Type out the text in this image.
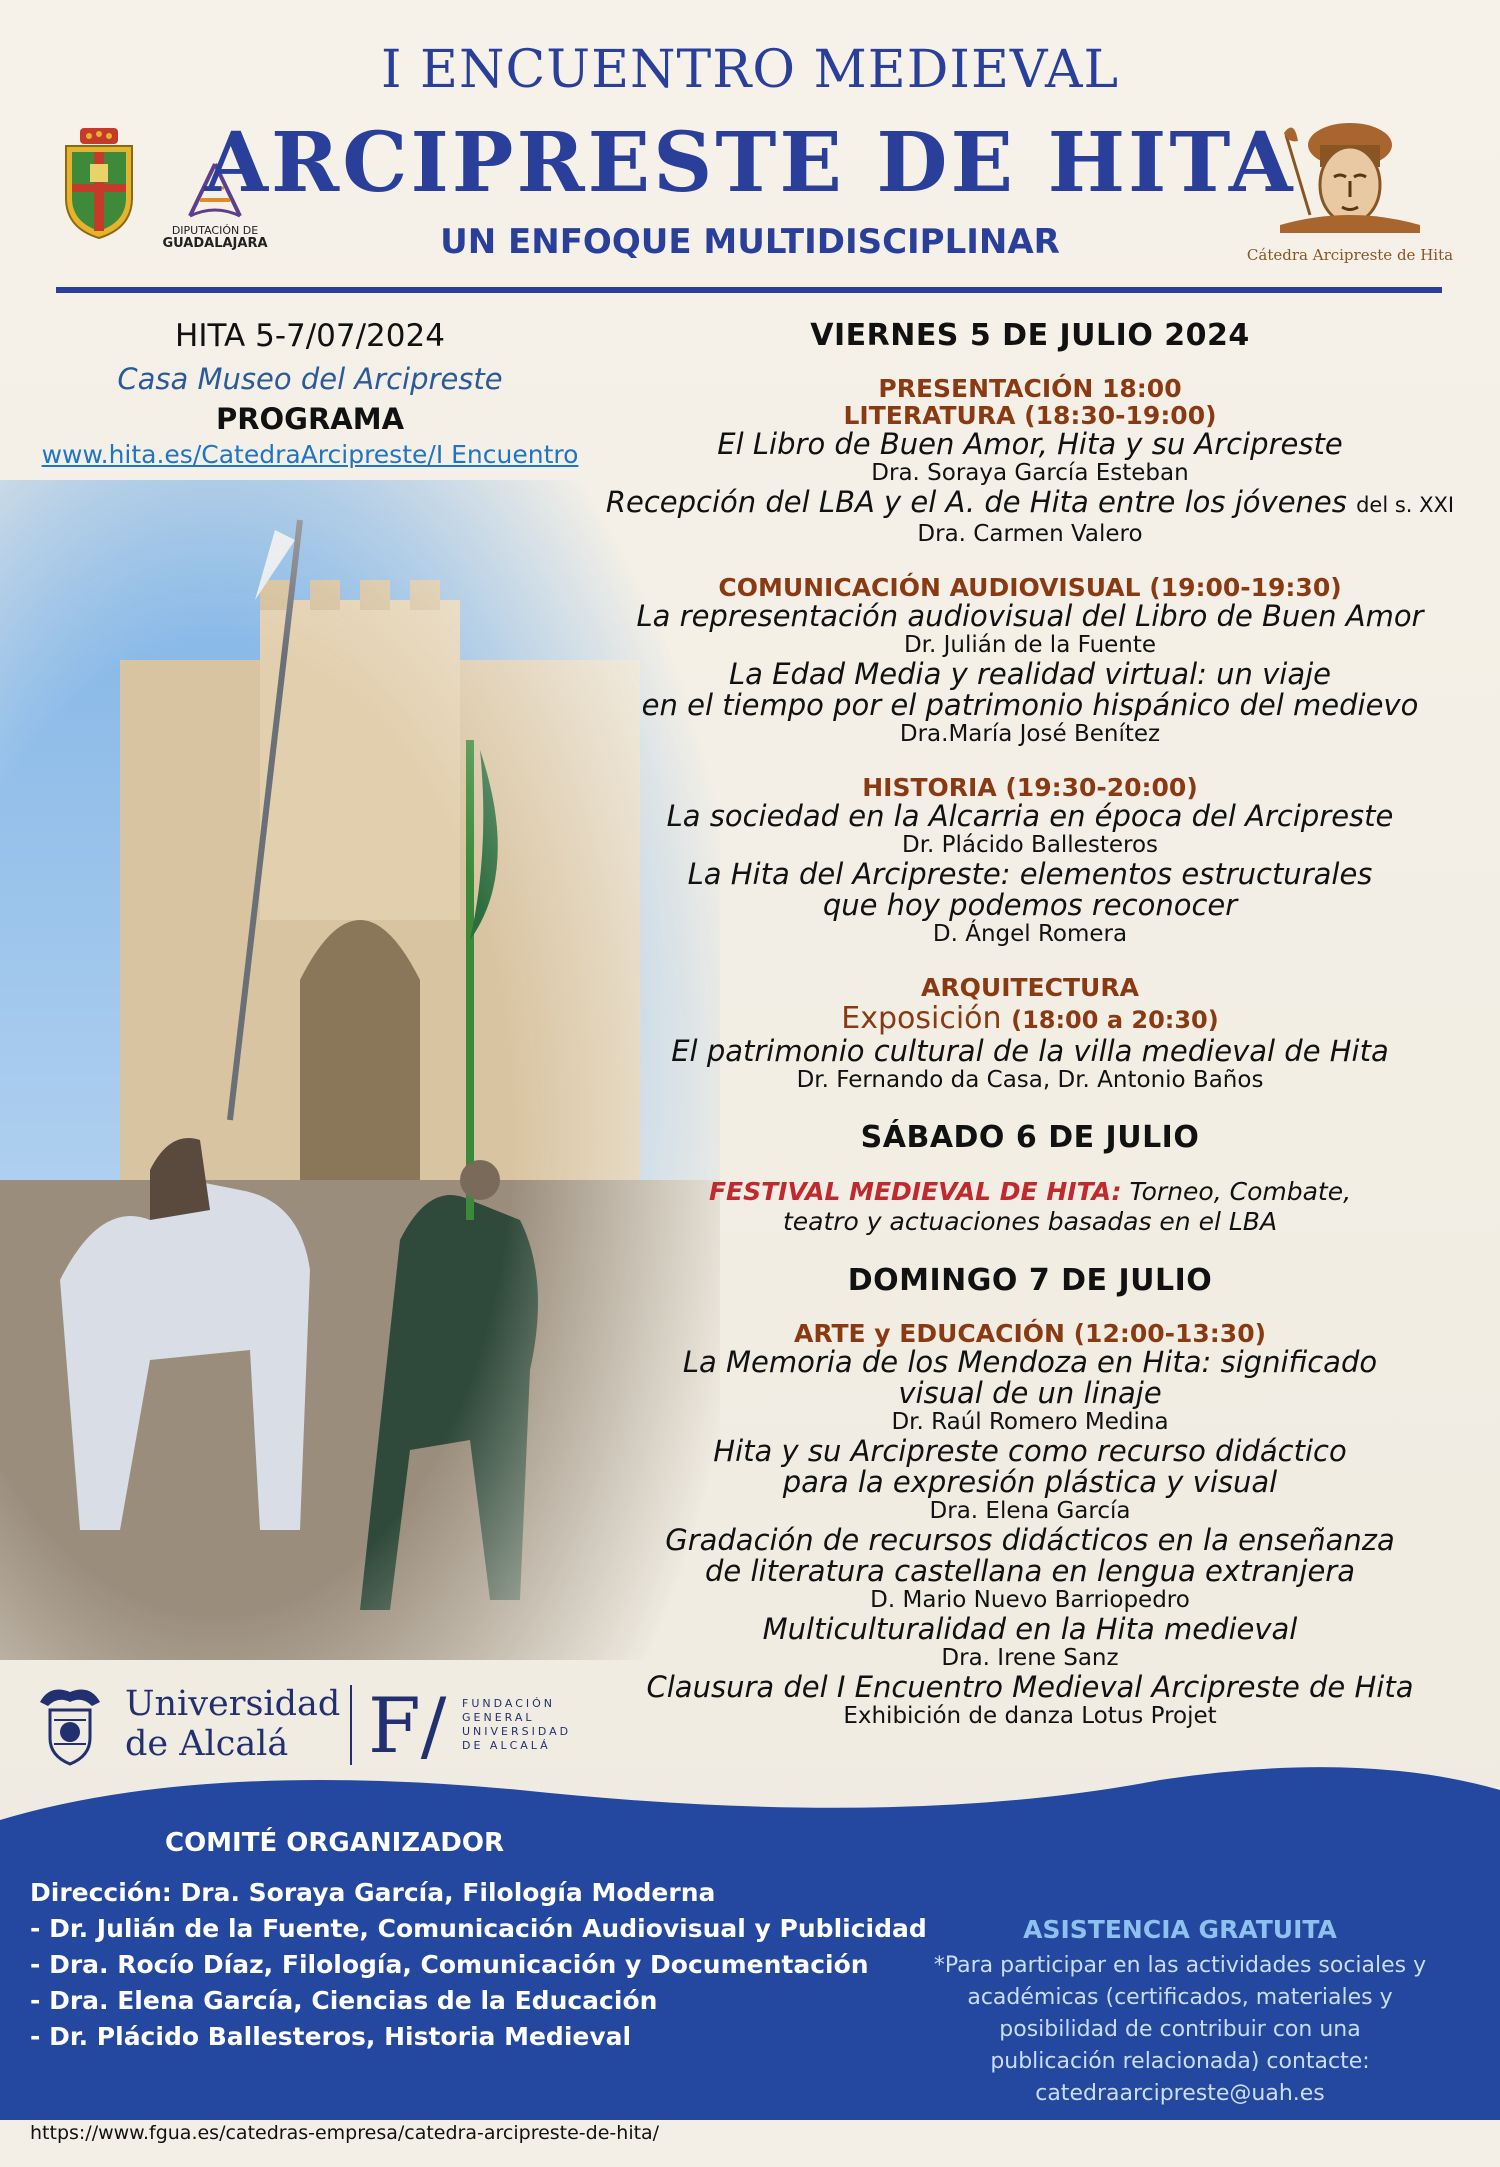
DIPUTACIÓN DE
GUADALAJARA
Cátedra Arcipreste de Hita
I ENCUENTRO MEDIEVAL
ARCIPRESTE DE HITA
UN ENFOQUE MULTIDISCIPLINAR
HITA 5-7/07/2024
Casa Museo del Arcipreste
PROGRAMA
www.hita.es/CatedraArcipreste/I Encuentro
VIERNES 5 DE JULIO 2024
PRESENTACIÓN 18:00
LITERATURA (18:30-19:00)
El Libro de Buen Amor, Hita y su Arcipreste
Dra. Soraya García Esteban
Recepción del LBA y el A. de Hita entre los jóvenes del s. XXI
Dra. Carmen Valero
COMUNICACIÓN AUDIOVISUAL (19:00-19:30)
La representación audiovisual del Libro de Buen Amor
Dr. Julián de la Fuente
La Edad Media y realidad virtual: un viaje
en el tiempo por el patrimonio hispánico del medievo
Dra.María José Benítez
HISTORIA (19:30-20:00)
La sociedad en la Alcarria en época del Arcipreste
Dr. Plácido Ballesteros
La Hita del Arcipreste: elementos estructurales
que hoy podemos reconocer
D. Ángel Romera
ARQUITECTURA
Exposición (18:00 a 20:30)
El patrimonio cultural de la villa medieval de Hita
Dr. Fernando da Casa, Dr. Antonio Baños
SÁBADO 6 DE JULIO
FESTIVAL MEDIEVAL DE HITA: Torneo, Combate,
teatro y actuaciones basadas en el LBA
DOMINGO 7 DE JULIO
ARTE y EDUCACIÓN (12:00-13:30)
La Memoria de los Mendoza en Hita: significado
visual de un linaje
Dr. Raúl Romero Medina
Hita y su Arcipreste como recurso didáctico
para la expresión plástica y visual
Dra. Elena García
Gradación de recursos didácticos en la enseñanza
de literatura castellana en lengua extranjera
D. Mario Nuevo Barriopedro
Multiculturalidad en la Hita medieval
Dra. Irene Sanz
Clausura del I Encuentro Medieval Arcipreste de Hita
Exhibición de danza Lotus Projet
Universidad
de Alcalá	F/ FUNDACIÓN
GENERAL
UNIVERSIDAD
DE ALCALÁ
COMITÉ ORGANIZADOR
Dirección: Dra. Soraya García, Filología Moderna
- Dr. Julián de la Fuente, Comunicación Audiovisual y Publicidad
- Dra. Rocío Díaz, Filología, Comunicación y Documentación
- Dra. Elena García, Ciencias de la Educación
- Dr. Plácido Ballesteros, Historia Medieval
ASISTENCIA GRATUITA
*Para participar en las actividades sociales y
académicas (certificados, materiales y
posibilidad de contribuir con una
publicación relacionada) contacte:
catedraarcipreste@uah.es
https://www.fgua.es/catedras-empresa/catedra-arcipreste-de-hita/
